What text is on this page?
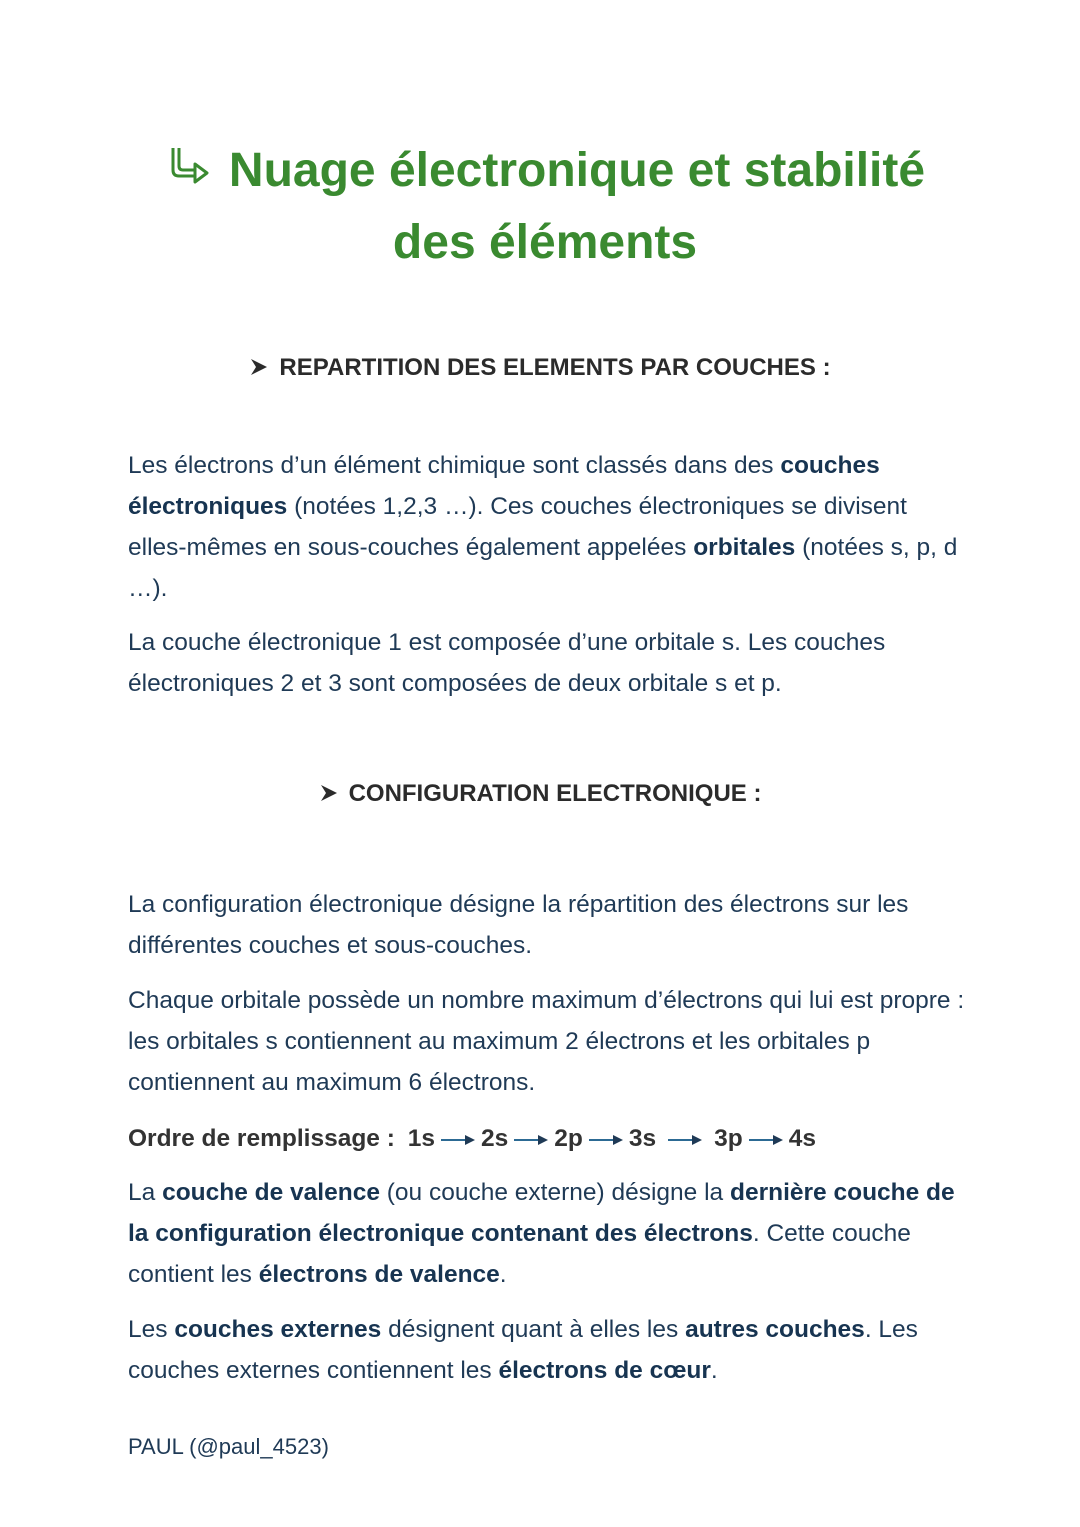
Nuage électronique et stabilité des éléments
REPARTITION DES ELEMENTS PAR COUCHES :

Les électrons d’un élément chimique sont classés dans des couches électroniques (notées 1,2,3 …). Ces couches électroniques se divisent elles-mêmes en sous-couches également appelées orbitales (notées s, p, d …).

La couche électronique 1 est composée d’une orbitale s. Les couches électroniques 2 et 3 sont composées de deux orbitale s et p.

CONFIGURATION ELECTRONIQUE :

La configuration électronique désigne la répartition des électrons sur les différentes couches et sous-couches.

Chaque orbitale possède un nombre maximum d’électrons qui lui est propre : les orbitales s contiennent au maximum 2 électrons et les orbitales p contiennent au maximum 6 électrons.

Ordre de remplissage : 1s 2s 2p 3s 3p 4s

La couche de valence (ou couche externe) désigne la dernière couche de la configuration électronique contenant des électrons. Cette couche contient les électrons de valence.

Les couches externes désignent quant à elles les autres couches. Les couches externes contiennent les électrons de cœur.

PAUL (@paul_4523)
